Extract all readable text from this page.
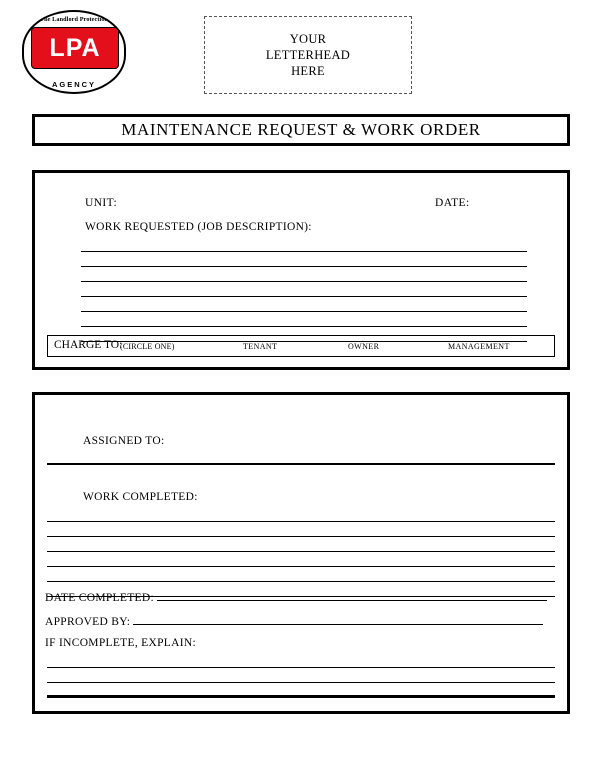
The Landlord Protection
LPA
AGENCY	™
YOUR
LETTERHEAD
HERE
MAINTENANCE REQUEST & WORK ORDER
UNIT:	DATE:
WORK REQUESTED (JOB DESCRIPTION):
CHARGE TO:
(CIRCLE ONE)	TENANT	OWNER	MANAGEMENT
ASSIGNED TO:
WORK COMPLETED:
DATE COMPLETED:
APPROVED BY:
IF INCOMPLETE, EXPLAIN:
